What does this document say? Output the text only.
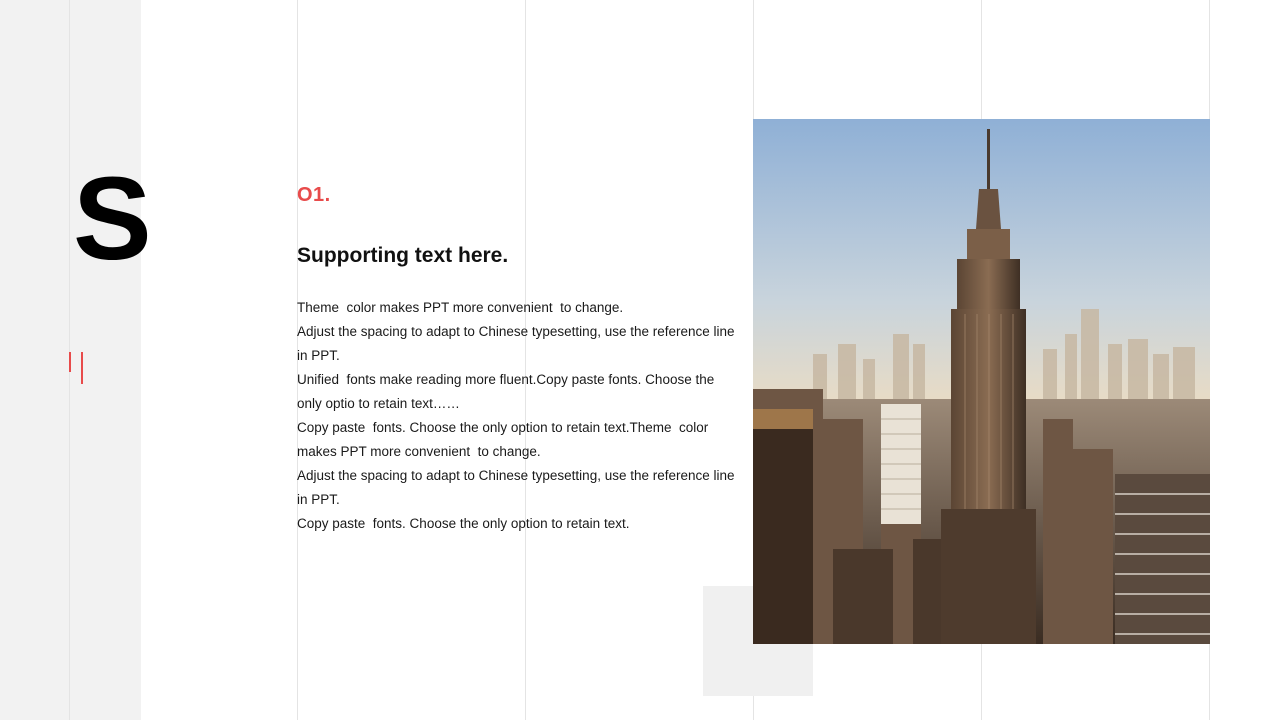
S	O1.
Supporting text here.

Theme  color makes PPT more convenient  to change.

Adjust the spacing to adapt to Chinese typesetting, use the reference line in PPT.

Unified  fonts make reading more fluent.Copy paste fonts. Choose the only optio to retain text……

Copy paste  fonts. Choose the only option to retain text.Theme  color makes PPT more convenient  to change.

Adjust the spacing to adapt to Chinese typesetting, use the reference line in PPT.

Copy paste  fonts. Choose the only option to retain text.
